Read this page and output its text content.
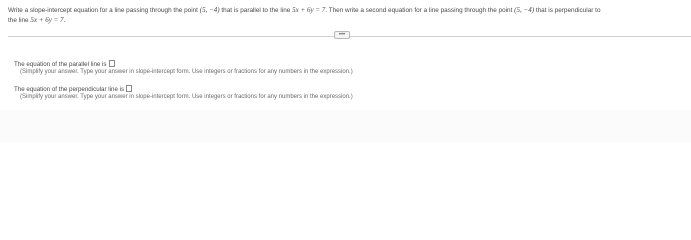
Write a slope-intercept equation for a line passing through the point (5, −4) that is parallel to the line 5x + 6y = 7. Then write a second equation for a line passing through the point (5, −4) that is perpendicular to
the line 5x + 6y = 7.
•••
The equation of the parallel line is
(Simplify your answer. Type your answer in slope-intercept form. Use integers or fractions for any numbers in the expression.)
The equation of the perpendicular line is
(Simplify your answer. Type your answer in slope-intercept form. Use integers or fractions for any numbers in the expression.)
